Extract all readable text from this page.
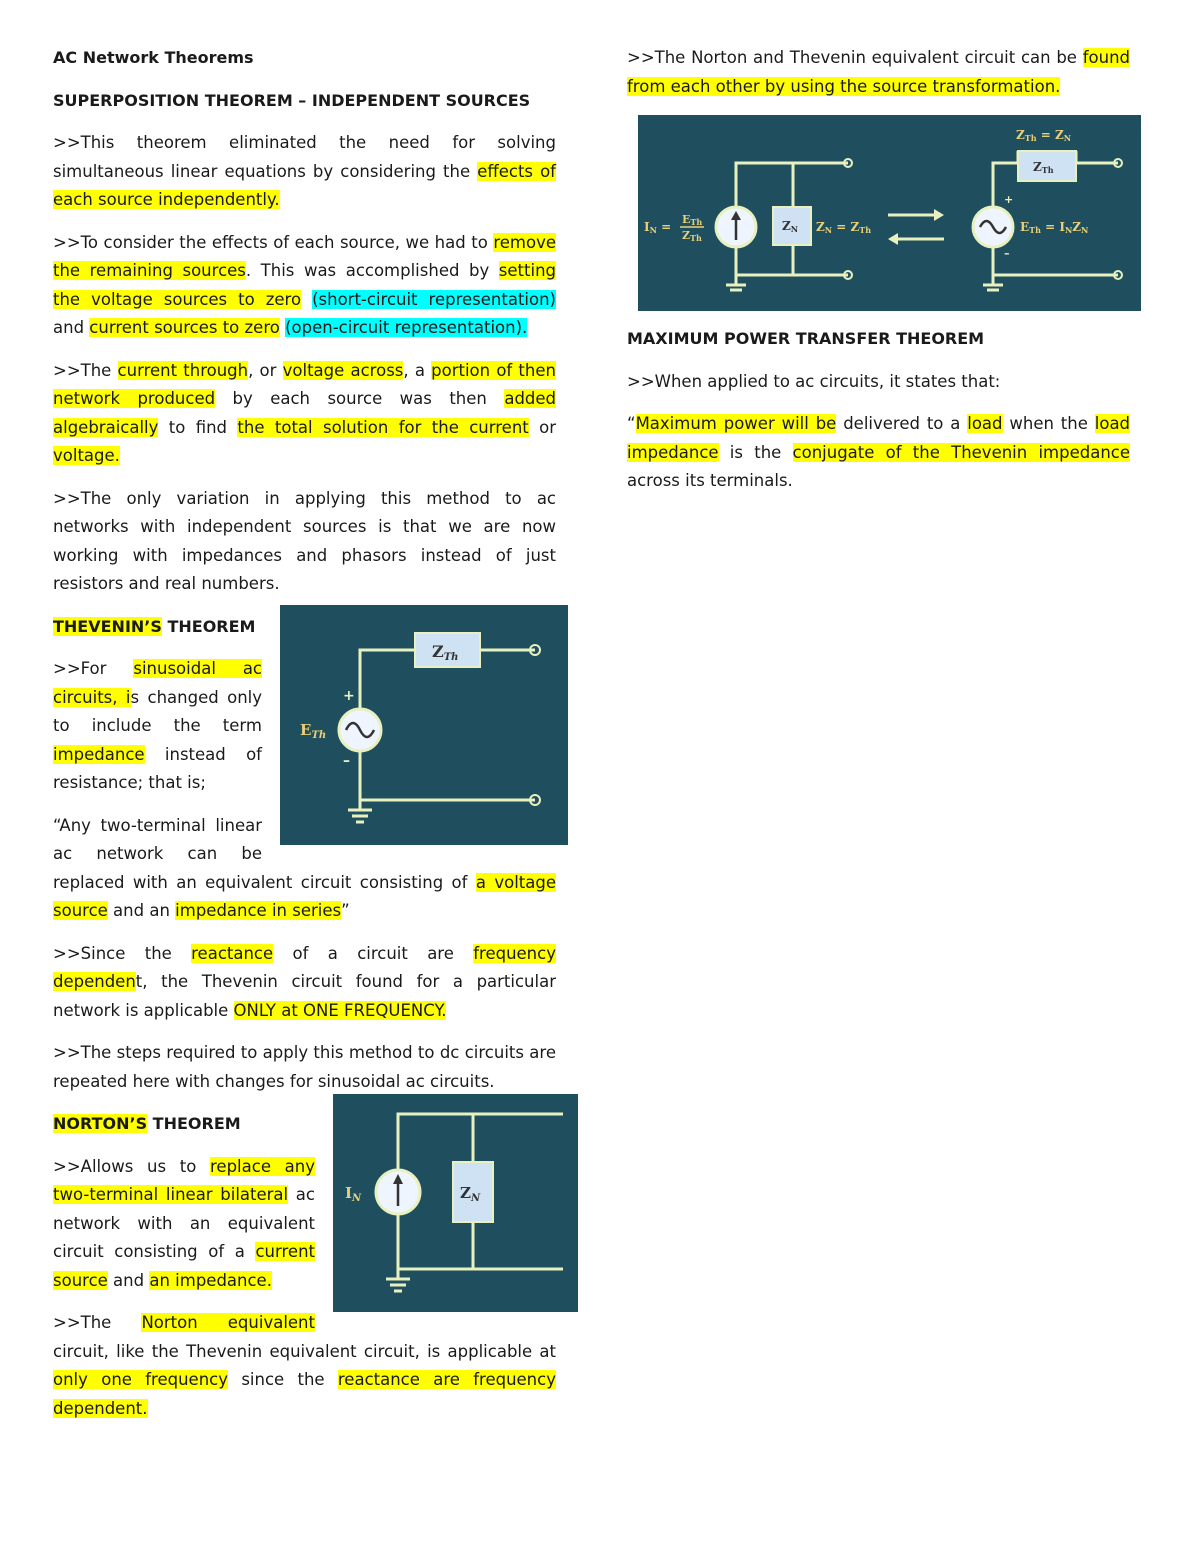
AC Network Theorems
SUPERPOSITION THEOREM – INDEPENDENT SOURCES

>>This theorem eliminated the need for solving simultaneous linear equations by considering the effects of each source independently.

>>To consider the effects of each source, we had to remove the remaining sources. This was accomplished by setting the voltage sources to zero (short-circuit representation) and current sources to zero (open-circuit representation).

>>The current through, or voltage across, a portion of then network produced by each source was then added algebraically to find the total solution for the current or voltage.

>>The only variation in applying this method to ac networks with independent sources is that we are now working with impedances and phasors instead of just resistors and real numbers.

ZTh
+
–
$E_{Th}$
THEVENIN’S THEOREM

>>For sinusoidal ac circuits, is changed only to include the term impedance instead of resistance; that is;

“Any two-terminal linear ac network can be replaced with an equivalent circuit consisting of a voltage source and an impedance in series”

>>Since the reactance of a circuit are frequency dependent, the Thevenin circuit found for a particular network is applicable ONLY at ONE FREQUENCY.

>>The steps required to apply this method to dc circuits are repeated here with changes for sinusoidal ac circuits.

$Z_N$
$I_N$
NORTON’S THEOREM

>>Allows us to replace any two-terminal linear bilateral ac network with an equivalent circuit consisting of a current source and an impedance.

>>The Norton equivalent circuit, like the Thevenin equivalent circuit, is applicable at only one frequency since the reactance are frequency dependent.

>>The Norton and Thevenin equivalent circuit can be found from each other by using the source transformation.

ZN
IN =
ETh
ZTh
ZN = ZTh
ZTh
ZTh = ZN
+
–
ETh = INZN
MAXIMUM POWER TRANSFER THEOREM

>>When applied to ac circuits, it states that:

“Maximum power will be delivered to a load when the load impedance is the conjugate of the Thevenin impedance across its terminals.
